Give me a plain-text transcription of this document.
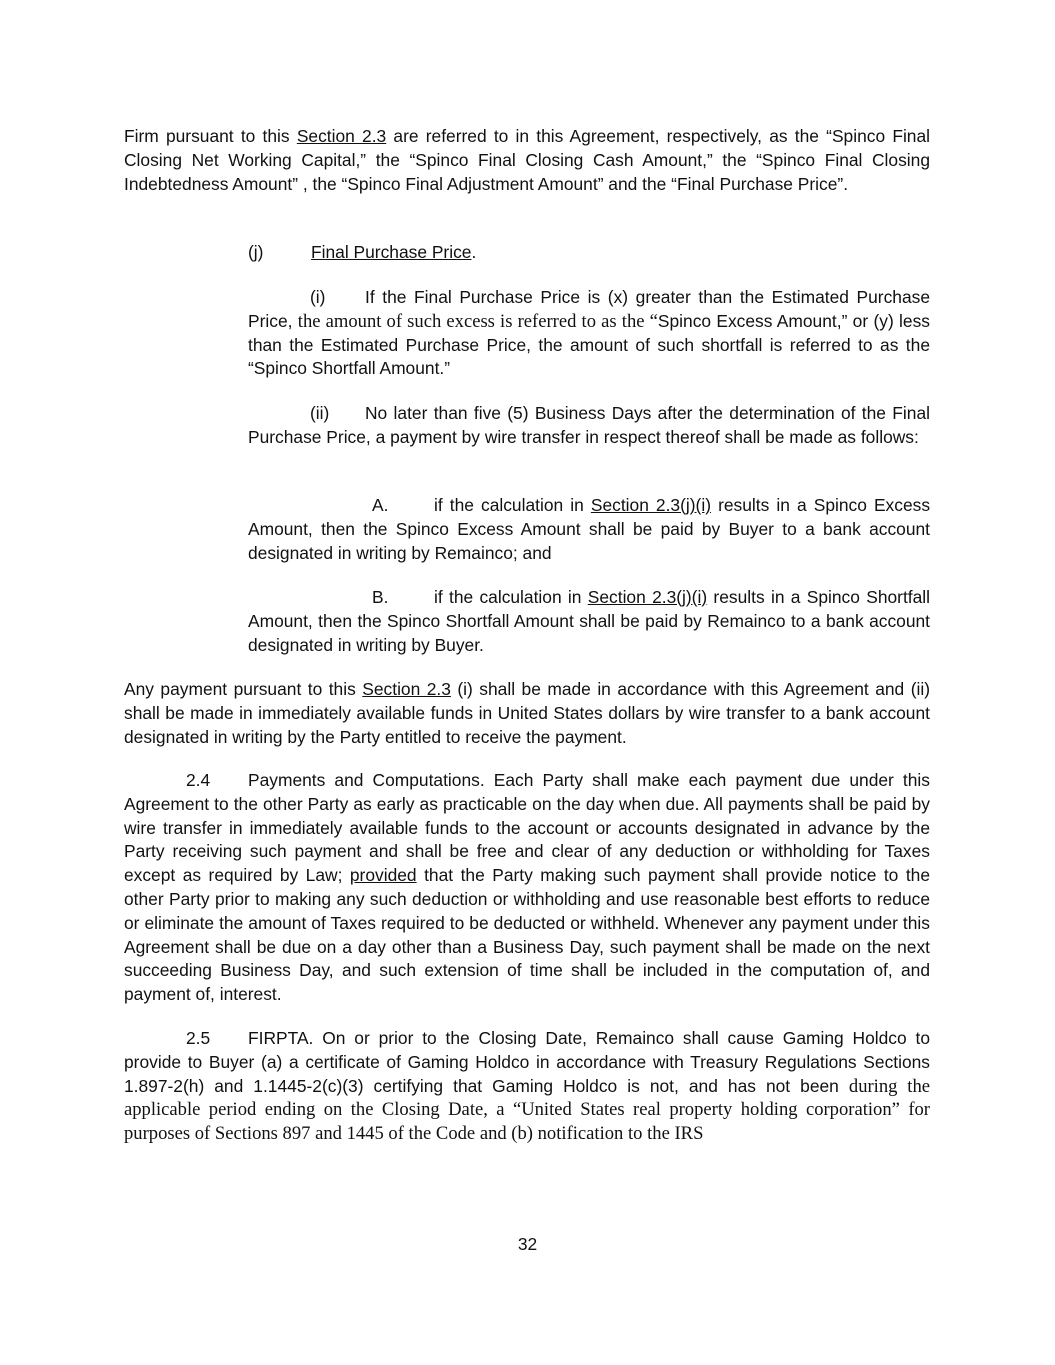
Firm pursuant to this Section 2.3 are referred to in this Agreement, respectively, as the “Spinco Final Closing Net Working Capital,” the “Spinco Final Closing Cash Amount,” the “Spinco Final Closing Indebtedness Amount” , the “Spinco Final Adjustment Amount” and the “Final Purchase Price”.

(j)	Final Purchase Price.

(i) If the Final Purchase Price is (x) greater than the Estimated Purchase Price, the amount of such excess is referred to as the “Spinco Excess Amount,” or (y) less than the Estimated Purchase Price, the amount of such shortfall is referred to as the “Spinco Shortfall Amount.”

(ii) No later than five (5) Business Days after the determination of the Final Purchase Price, a payment by wire transfer in respect thereof shall be made as follows:

A.	if the calculation in Section 2.3(j)(i) results in a Spinco Excess Amount, then the Spinco Excess Amount shall be paid by Buyer to a bank account designated in writing by Remainco; and

B.	if the calculation in Section 2.3(j)(i) results in a Spinco Shortfall Amount, then the Spinco Shortfall Amount shall be paid by Remainco to a bank account designated in writing by Buyer.

Any payment pursuant to this Section 2.3 (i) shall be made in accordance with this Agreement and (ii) shall be made in immediately available funds in United States dollars by wire transfer to a bank account designated in writing by the Party entitled to receive the payment.

2.4 Payments and Computations. Each Party shall make each payment due under this Agreement to the other Party as early as practicable on the day when due. All payments shall be paid by wire transfer in immediately available funds to the account or accounts designated in advance by the Party receiving such payment and shall be free and clear of any deduction or withholding for Taxes except as required by Law; provided that the Party making such payment shall provide notice to the other Party prior to making any such deduction or withholding and use reasonable best efforts to reduce or eliminate the amount of Taxes required to be deducted or withheld. Whenever any payment under this Agreement shall be due on a day other than a Business Day, such payment shall be made on the next succeeding Business Day, and such extension of time shall be included in the computation of, and payment of, interest.

2.5 FIRPTA. On or prior to the Closing Date, Remainco shall cause Gaming Holdco to provide to Buyer (a) a certificate of Gaming Holdco in accordance with Treasury Regulations Sections 1.897-2(h) and 1.1445-2(c)(3) certifying that Gaming Holdco is not, and has not been during the applicable period ending on the Closing Date, a “United States real property holding corporation” for purposes of Sections 897 and 1445 of the Code and (b) notification to the IRS

32
